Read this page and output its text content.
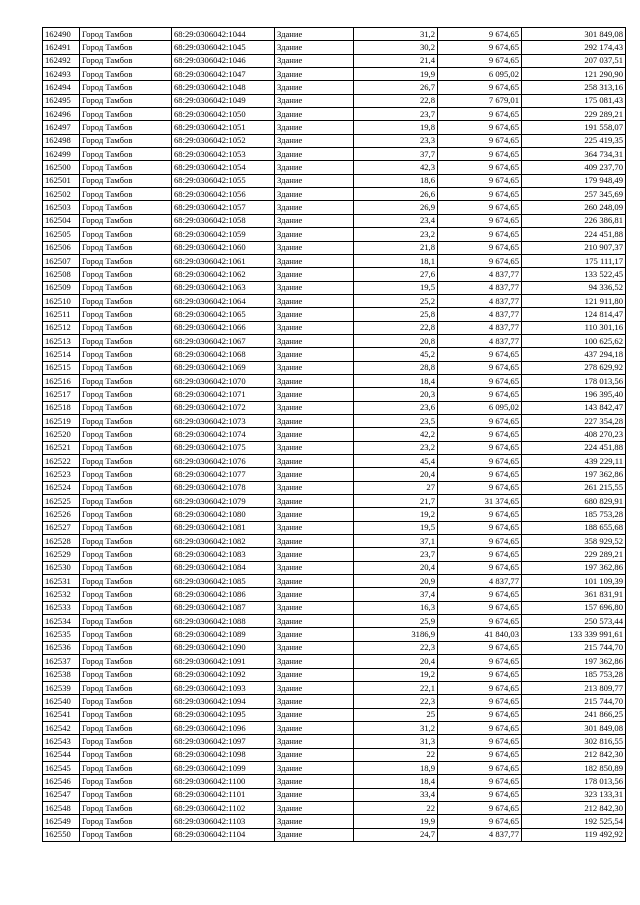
162490	Город Тамбов	68:29:0306042:1044	Здание	31,2	9 674,65	301 849,08
162491	Город Тамбов	68:29:0306042:1045	Здание	30,2	9 674,65	292 174,43
162492	Город Тамбов	68:29:0306042:1046	Здание	21,4	9 674,65	207 037,51
162493	Город Тамбов	68:29:0306042:1047	Здание	19,9	6 095,02	121 290,90
162494	Город Тамбов	68:29:0306042:1048	Здание	26,7	9 674,65	258 313,16
162495	Город Тамбов	68:29:0306042:1049	Здание	22,8	7 679,01	175 081,43
162496	Город Тамбов	68:29:0306042:1050	Здание	23,7	9 674,65	229 289,21
162497	Город Тамбов	68:29:0306042:1051	Здание	19,8	9 674,65	191 558,07
162498	Город Тамбов	68:29:0306042:1052	Здание	23,3	9 674,65	225 419,35
162499	Город Тамбов	68:29:0306042:1053	Здание	37,7	9 674,65	364 734,31
162500	Город Тамбов	68:29:0306042:1054	Здание	42,3	9 674,65	409 237,70
162501	Город Тамбов	68:29:0306042:1055	Здание	18,6	9 674,65	179 948,49
162502	Город Тамбов	68:29:0306042:1056	Здание	26,6	9 674,65	257 345,69
162503	Город Тамбов	68:29:0306042:1057	Здание	26,9	9 674,65	260 248,09
162504	Город Тамбов	68:29:0306042:1058	Здание	23,4	9 674,65	226 386,81
162505	Город Тамбов	68:29:0306042:1059	Здание	23,2	9 674,65	224 451,88
162506	Город Тамбов	68:29:0306042:1060	Здание	21,8	9 674,65	210 907,37
162507	Город Тамбов	68:29:0306042:1061	Здание	18,1	9 674,65	175 111,17
162508	Город Тамбов	68:29:0306042:1062	Здание	27,6	4 837,77	133 522,45
162509	Город Тамбов	68:29:0306042:1063	Здание	19,5	4 837,77	94 336,52
162510	Город Тамбов	68:29:0306042:1064	Здание	25,2	4 837,77	121 911,80
162511	Город Тамбов	68:29:0306042:1065	Здание	25,8	4 837,77	124 814,47
162512	Город Тамбов	68:29:0306042:1066	Здание	22,8	4 837,77	110 301,16
162513	Город Тамбов	68:29:0306042:1067	Здание	20,8	4 837,77	100 625,62
162514	Город Тамбов	68:29:0306042:1068	Здание	45,2	9 674,65	437 294,18
162515	Город Тамбов	68:29:0306042:1069	Здание	28,8	9 674,65	278 629,92
162516	Город Тамбов	68:29:0306042:1070	Здание	18,4	9 674,65	178 013,56
162517	Город Тамбов	68:29:0306042:1071	Здание	20,3	9 674,65	196 395,40
162518	Город Тамбов	68:29:0306042:1072	Здание	23,6	6 095,02	143 842,47
162519	Город Тамбов	68:29:0306042:1073	Здание	23,5	9 674,65	227 354,28
162520	Город Тамбов	68:29:0306042:1074	Здание	42,2	9 674,65	408 270,23
162521	Город Тамбов	68:29:0306042:1075	Здание	23,2	9 674,65	224 451,88
162522	Город Тамбов	68:29:0306042:1076	Здание	45,4	9 674,65	439 229,11
162523	Город Тамбов	68:29:0306042:1077	Здание	20,4	9 674,65	197 362,86
162524	Город Тамбов	68:29:0306042:1078	Здание	27	9 674,65	261 215,55
162525	Город Тамбов	68:29:0306042:1079	Здание	21,7	31 374,65	680 829,91
162526	Город Тамбов	68:29:0306042:1080	Здание	19,2	9 674,65	185 753,28
162527	Город Тамбов	68:29:0306042:1081	Здание	19,5	9 674,65	188 655,68
162528	Город Тамбов	68:29:0306042:1082	Здание	37,1	9 674,65	358 929,52
162529	Город Тамбов	68:29:0306042:1083	Здание	23,7	9 674,65	229 289,21
162530	Город Тамбов	68:29:0306042:1084	Здание	20,4	9 674,65	197 362,86
162531	Город Тамбов	68:29:0306042:1085	Здание	20,9	4 837,77	101 109,39
162532	Город Тамбов	68:29:0306042:1086	Здание	37,4	9 674,65	361 831,91
162533	Город Тамбов	68:29:0306042:1087	Здание	16,3	9 674,65	157 696,80
162534	Город Тамбов	68:29:0306042:1088	Здание	25,9	9 674,65	250 573,44
162535	Город Тамбов	68:29:0306042:1089	Здание	3186,9	41 840,03	133 339 991,61
162536	Город Тамбов	68:29:0306042:1090	Здание	22,3	9 674,65	215 744,70
162537	Город Тамбов	68:29:0306042:1091	Здание	20,4	9 674,65	197 362,86
162538	Город Тамбов	68:29:0306042:1092	Здание	19,2	9 674,65	185 753,28
162539	Город Тамбов	68:29:0306042:1093	Здание	22,1	9 674,65	213 809,77
162540	Город Тамбов	68:29:0306042:1094	Здание	22,3	9 674,65	215 744,70
162541	Город Тамбов	68:29:0306042:1095	Здание	25	9 674,65	241 866,25
162542	Город Тамбов	68:29:0306042:1096	Здание	31,2	9 674,65	301 849,08
162543	Город Тамбов	68:29:0306042:1097	Здание	31,3	9 674,65	302 816,55
162544	Город Тамбов	68:29:0306042:1098	Здание	22	9 674,65	212 842,30
162545	Город Тамбов	68:29:0306042:1099	Здание	18,9	9 674,65	182 850,89
162546	Город Тамбов	68:29:0306042:1100	Здание	18,4	9 674,65	178 013,56
162547	Город Тамбов	68:29:0306042:1101	Здание	33,4	9 674,65	323 133,31
162548	Город Тамбов	68:29:0306042:1102	Здание	22	9 674,65	212 842,30
162549	Город Тамбов	68:29:0306042:1103	Здание	19,9	9 674,65	192 525,54
162550	Город Тамбов	68:29:0306042:1104	Здание	24,7	4 837,77	119 492,92
